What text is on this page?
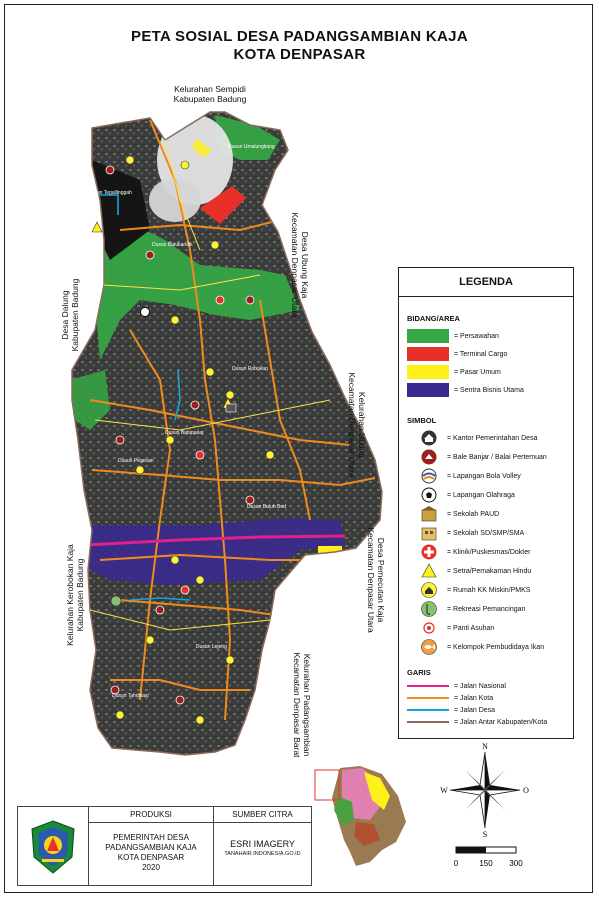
PETA SOSIAL DESA PADANGSAMBIAN KAJA
KOTA DENPASAR
Dusun Tegallinggah
Dusun Umalungkung
Dusun Batukandik
Dusun Robokan
Dusun Batupasar
Dusun Pegesan
Dusun Buluh Bed
Dusun Lejeng
Dusun Tandikasi
Kelurahan Sempidi
Kabupaten Badung
Desa Dalung Kabupaten Badung
Kelurahan Kerobokan Kaja Kabupaten Badung
Desa Ubung Kaja
Kecamatan Denpasar Utara
Kelurahan Ubung
Kecamatan Denpasar Utara
Desa Pemecutan Kaja
Kecamatan Denpasar Utara
Kelurahan Padangsambian
Kecamatan Denpasar Barat
LEGENDA
BIDANG/AREA
= Persawahan
= Terminal Cargo
= Pasar Umum
= Sentra Bisnis Utama
SIMBOL
= Kantor Pemerintahan Desa
= Bale Banjar / Balai Pertemuan
= Lapangan Bola Volley
= Lapangan Olahraga
= Sekolah PAUD
= Sekolah SD/SMP/SMA
= Klinik/Puskesmas/Dokter
= Setra/Pemakaman Hindu
= Rumah KK Miskin/PMKS
= Rekreasi Pemancingan
= Panti Asuhan
= Kelompok Pembudidaya Ikan
GARIS
= Jalan Nasional
= Jalan Kota
= Jalan Desa
= Jalan Antar Kabupaten/Kota
N
S
W	O
0	150 300
PRODUKSI	SUMBER CITRA
PEMERINTAH DESA
PADANGSAMBIAN KAJA
KOTA DENPASAR
2020
ESRI IMAGERY
TANAHAIR.INDONESIA.GO.ID
